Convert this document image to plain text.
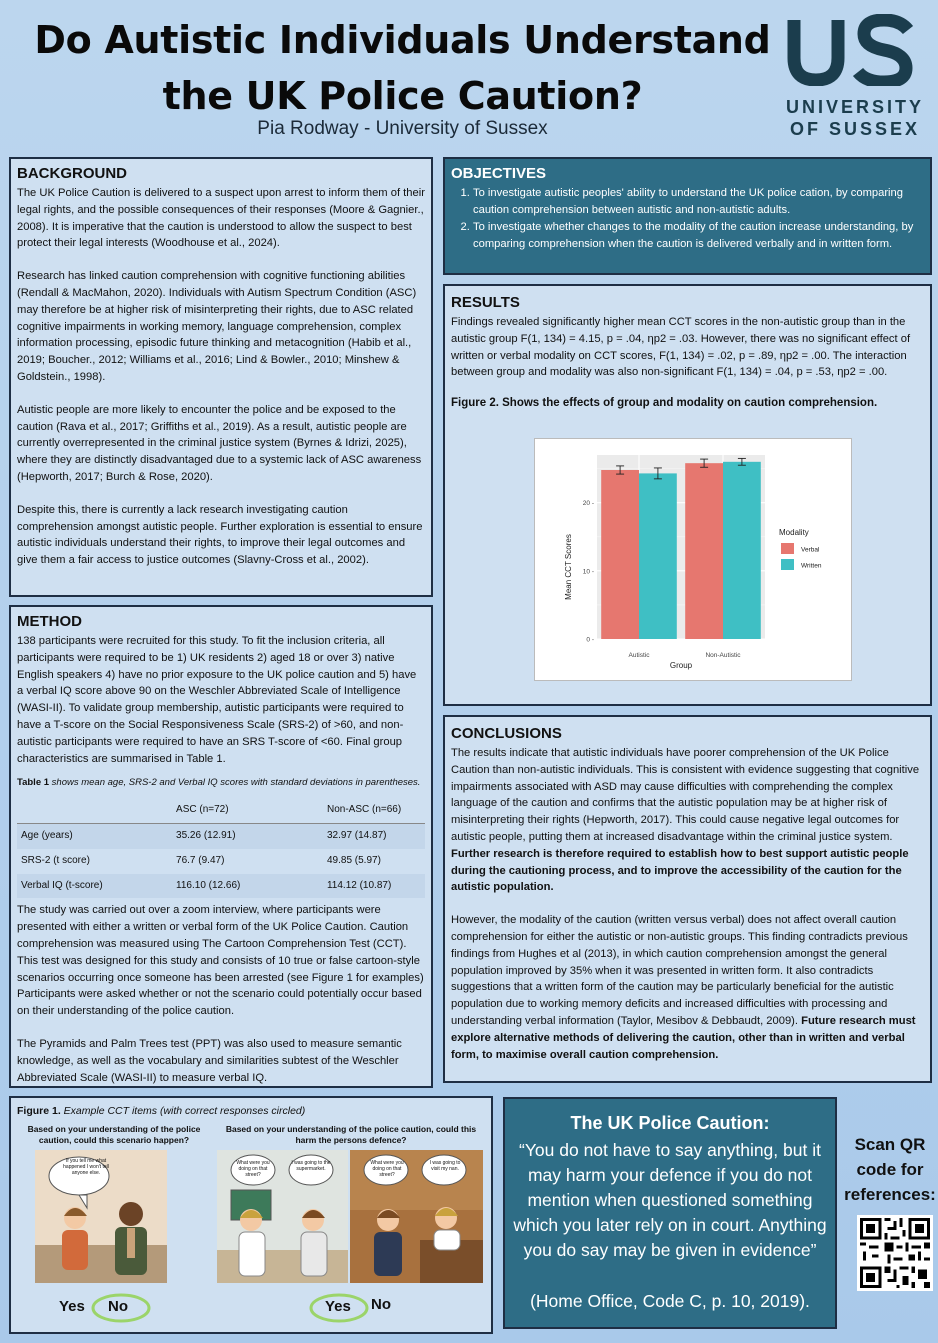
Do Autistic Individuals Understand
the UK Police Caution?
Pia Rodway - University of Sussex
UNIVERSITY
OF SUSSEX
BACKGROUND

The UK Police Caution is delivered to a suspect upon arrest to inform them of their legal rights, and the possible consequences of their responses (Moore & Gagnier., 2008). It is imperative that the caution is understood to allow the suspect to best protect their legal interests (Woodhouse et al., 2024).

Research has linked caution comprehension with cognitive functioning abilities (Rendall & MacMahon, 2020). Individuals with Autism Spectrum Condition (ASC) may therefore be at higher risk of misinterpreting their rights, due to ASC related cognitive impairments in working memory, language comprehension, complex information processing, episodic future thinking and metacognition (Habib et al., 2019; Boucher., 2012; Williams et al., 2016; Lind & Bowler., 2010; Minshew & Goldstein., 1998).

Autistic people are more likely to encounter the police and be exposed to the caution (Rava et al., 2017; Griffiths et al., 2019). As a result, autistic people are currently overrepresented in the criminal justice system (Byrnes & Idrizi, 2025), where they are distinctly disadvantaged due to a systemic lack of ASC awareness (Hepworth, 2017; Burch & Rose, 2020).

Despite this, there is currently a lack research investigating caution comprehension amongst autistic people. Further exploration is essential to ensure autistic individuals understand their rights, to improve their legal outcomes and give them a fair access to justice outcomes (Slavny-Cross et al., 2002).

METHOD

138 participants were recruited for this study. To fit the inclusion criteria, all participants were required to be 1) UK residents 2) aged 18 or over 3) native English speakers 4) have no prior exposure to the UK police caution and 5) have a verbal IQ score above 90 on the Weschler Abbreviated Scale of Intelligence (WASI-II). To validate group membership, autistic participants were required to have a T-score on the Social Responsiveness Scale (SRS-2) of >60, and non-autistic participants were required to have an SRS T-score of <60. Final group characteristics are summarised in Table 1.

Table 1 shows mean age, SRS-2 and Verbal IQ scores with standard deviations in parentheses.
	ASC (n=72)	Non-ASC (n=66)
Age (years)	35.26 (12.91)	32.97 (14.87)
SRS-2 (t score)	76.7 (9.47)	49.85 (5.97)
Verbal IQ (t-score)	116.10 (12.66)	114.12 (10.87)

The study was carried out over a zoom interview, where participants were presented with either a written or verbal form of the UK Police Caution. Caution comprehension was measured using The Cartoon Comprehension Test (CCT). This test was designed for this study and consists of 10 true or false cartoon-style scenarios occurring once someone has been arrested (see Figure 1 for examples) Participants were asked whether or not the scenario could potentially occur based on their understanding of the police caution.

The Pyramids and Palm Trees test (PPT) was also used to measure semantic knowledge, as well as the vocabulary and similarities subtest of the Weschler Abbreviated Scale (WASI-II) to measure verbal IQ.

OBJECTIVES
1. To investigate autistic peoples' ability to understand the UK police cation, by comparing caution comprehension between autistic and non-autistic adults.
2. To investigate whether changes to the modality of the caution increase understanding, by comparing comprehension when the caution is delivered verbally and in written form.
RESULTS

Findings revealed significantly higher mean CCT scores in the non-autistic group than in the autistic group F(1, 134) = 4.15, p = .04, ηp2 = .03. However, there was no significant effect of written or verbal modality on CCT scores, F(1, 134) = .02, p = .89, ηp2 = .00. The interaction between group and modality was also non-significant F(1, 134) = .04, p = .53, ηp2 = .00.

Figure 2. Shows the effects of group and modality on caution comprehension.
0 -
10 -
20 -
Autistic	Non-Autistic
Group
Mean CCT Scores
Modality
Verbal
Written
CONCLUSIONS

The results indicate that autistic individuals have poorer comprehension of the UK Police Caution than non-autistic individuals. This is consistent with evidence suggesting that cognitive impairments associated with ASD may cause difficulties with comprehending the complex language of the caution and confirms that the autistic population may be at higher risk of misinterpreting their rights (Hepworth, 2017). This could cause negative legal outcomes for autistic people, putting them at increased disadvantage within the criminal justice system. Further research is therefore required to establish how to best support autistic people during the cautioning process, and to improve the accessibility of the caution for the autistic population.

However, the modality of the caution (written versus verbal) does not affect overall caution comprehension for either the autistic or non-autistic groups. This finding contradicts previous findings from Hughes et al (2013), in which caution comprehension amongst the general population improved by 35% when it was presented in written form. It also contradicts suggestions that a written form of the caution may be particularly beneficial for the autistic population due to working memory deficits and increased difficulties with processing and understanding verbal information (Taylor, Mesibov & Debbaudt, 2009). Future research must explore alternative methods of delivering the caution, other than in written and verbal form, to maximise overall caution comprehension.

Figure 1. Example CCT items (with correct responses circled)
Based on your understanding of the police caution, could this scenario happen?
Based on your understanding of the police caution, could this harm the persons defence?
If you tell me what happened I won't tell anyone else.
What were you doing on that street?
I was going to the supermarket.
What were you doing on that street?
I was going to visit my nan.
Yes No	Yes No
The UK Police Caution:
“You do not have to say anything, but it may harm your defence if you do not mention when questioned something which you later rely on in court. Anything you do say may be given in evidence”
(Home Office, Code C, p. 10, 2019).
Scan QR code for references:
